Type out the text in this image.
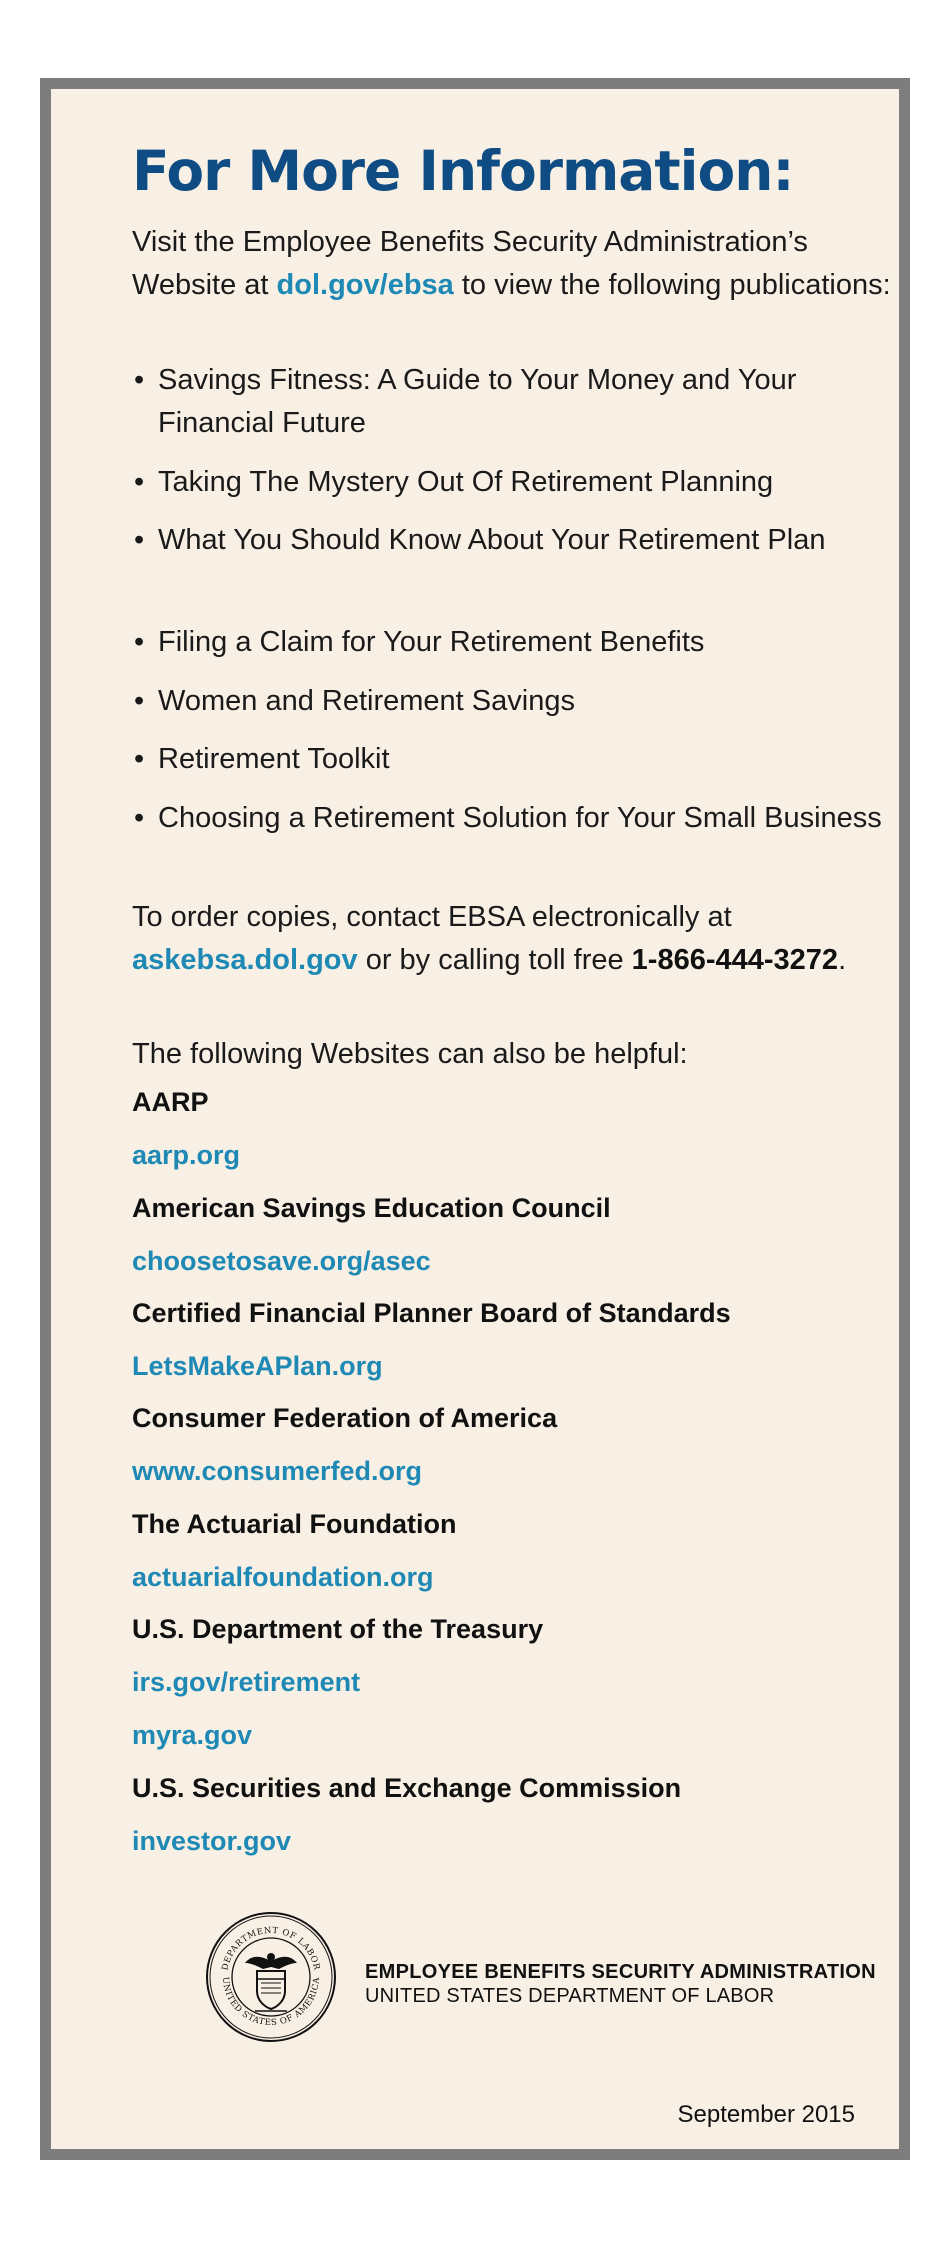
For More Information:

Visit the Employee Benefits Security Administration’s Website at dol.gov/ebsa to view the following publications:

• Savings Fitness: A Guide to Your Money and Your Financial Future
• Taking The Mystery Out Of Retirement Planning
• What You Should Know About Your Retirement Plan
• Filing a Claim for Your Retirement Benefits
• Women and Retirement Savings
• Retirement Toolkit
• Choosing a Retirement Solution for Your Small Business

To order copies, contact EBSA electronically at askebsa.dol.gov or by calling toll free 1-866-444-3272.

The following Websites can also be helpful:

AARP
aarp.org
American Savings Education Council
choosetosave.org/asec
Certified Financial Planner Board of Standards
LetsMakeAPlan.org
Consumer Federation of America
www.consumerfed.org
The Actuarial Foundation
actuarialfoundation.org
U.S. Department of the Treasury
irs.gov/retirement
myra.gov
U.S. Securities and Exchange Commission
investor.gov
DEPARTMENT OF LABOR
UNITED STATES OF AMERICA EMPLOYEE BENEFITS SECURITY ADMINISTRATION
UNITED STATES DEPARTMENT OF LABOR
September 2015
